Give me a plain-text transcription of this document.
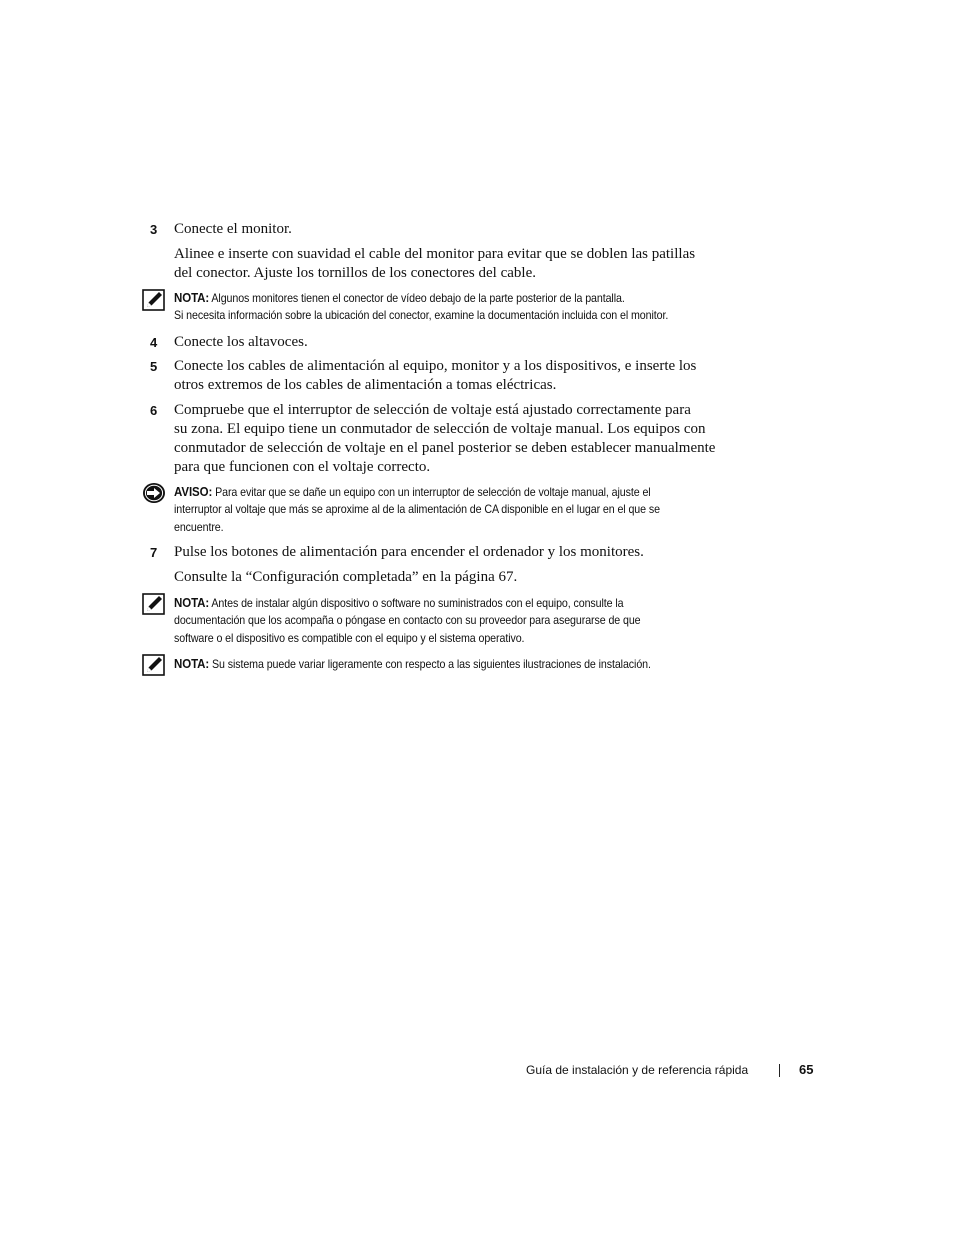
3	Conecte el monitor.
Alinee e inserte con suavidad el cable del monitor para evitar que se doblen las patillas
del conector. Ajuste los tornillos de los conectores del cable.
NOTA: Algunos monitores tienen el conector de vídeo debajo de la parte posterior de la pantalla.
Si necesita información sobre la ubicación del conector, examine la documentación incluida con el monitor.
4	Conecte los altavoces.
5	Conecte los cables de alimentación al equipo, monitor y a los dispositivos, e inserte los
otros extremos de los cables de alimentación a tomas eléctricas.
6	Compruebe que el interruptor de selección de voltaje está ajustado correctamente para
su zona. El equipo tiene un conmutador de selección de voltaje manual. Los equipos con
conmutador de selección de voltaje en el panel posterior se deben establecer manualmente
para que funcionen con el voltaje correcto.
AVISO: Para evitar que se dañe un equipo con un interruptor de selección de voltaje manual, ajuste el
interruptor al voltaje que más se aproxime al de la alimentación de CA disponible en el lugar en el que se
encuentre.
7	Pulse los botones de alimentación para encender el ordenador y los monitores.
Consulte la “Configuración completada” en la página 67.
NOTA: Antes de instalar algún dispositivo o software no suministrados con el equipo, consulte la
documentación que los acompaña o póngase en contacto con su proveedor para asegurarse de que
software o el dispositivo es compatible con el equipo y el sistema operativo.
NOTA: Su sistema puede variar ligeramente con respecto a las siguientes ilustraciones de instalación.
Guía de instalación y de referencia rápida	65
